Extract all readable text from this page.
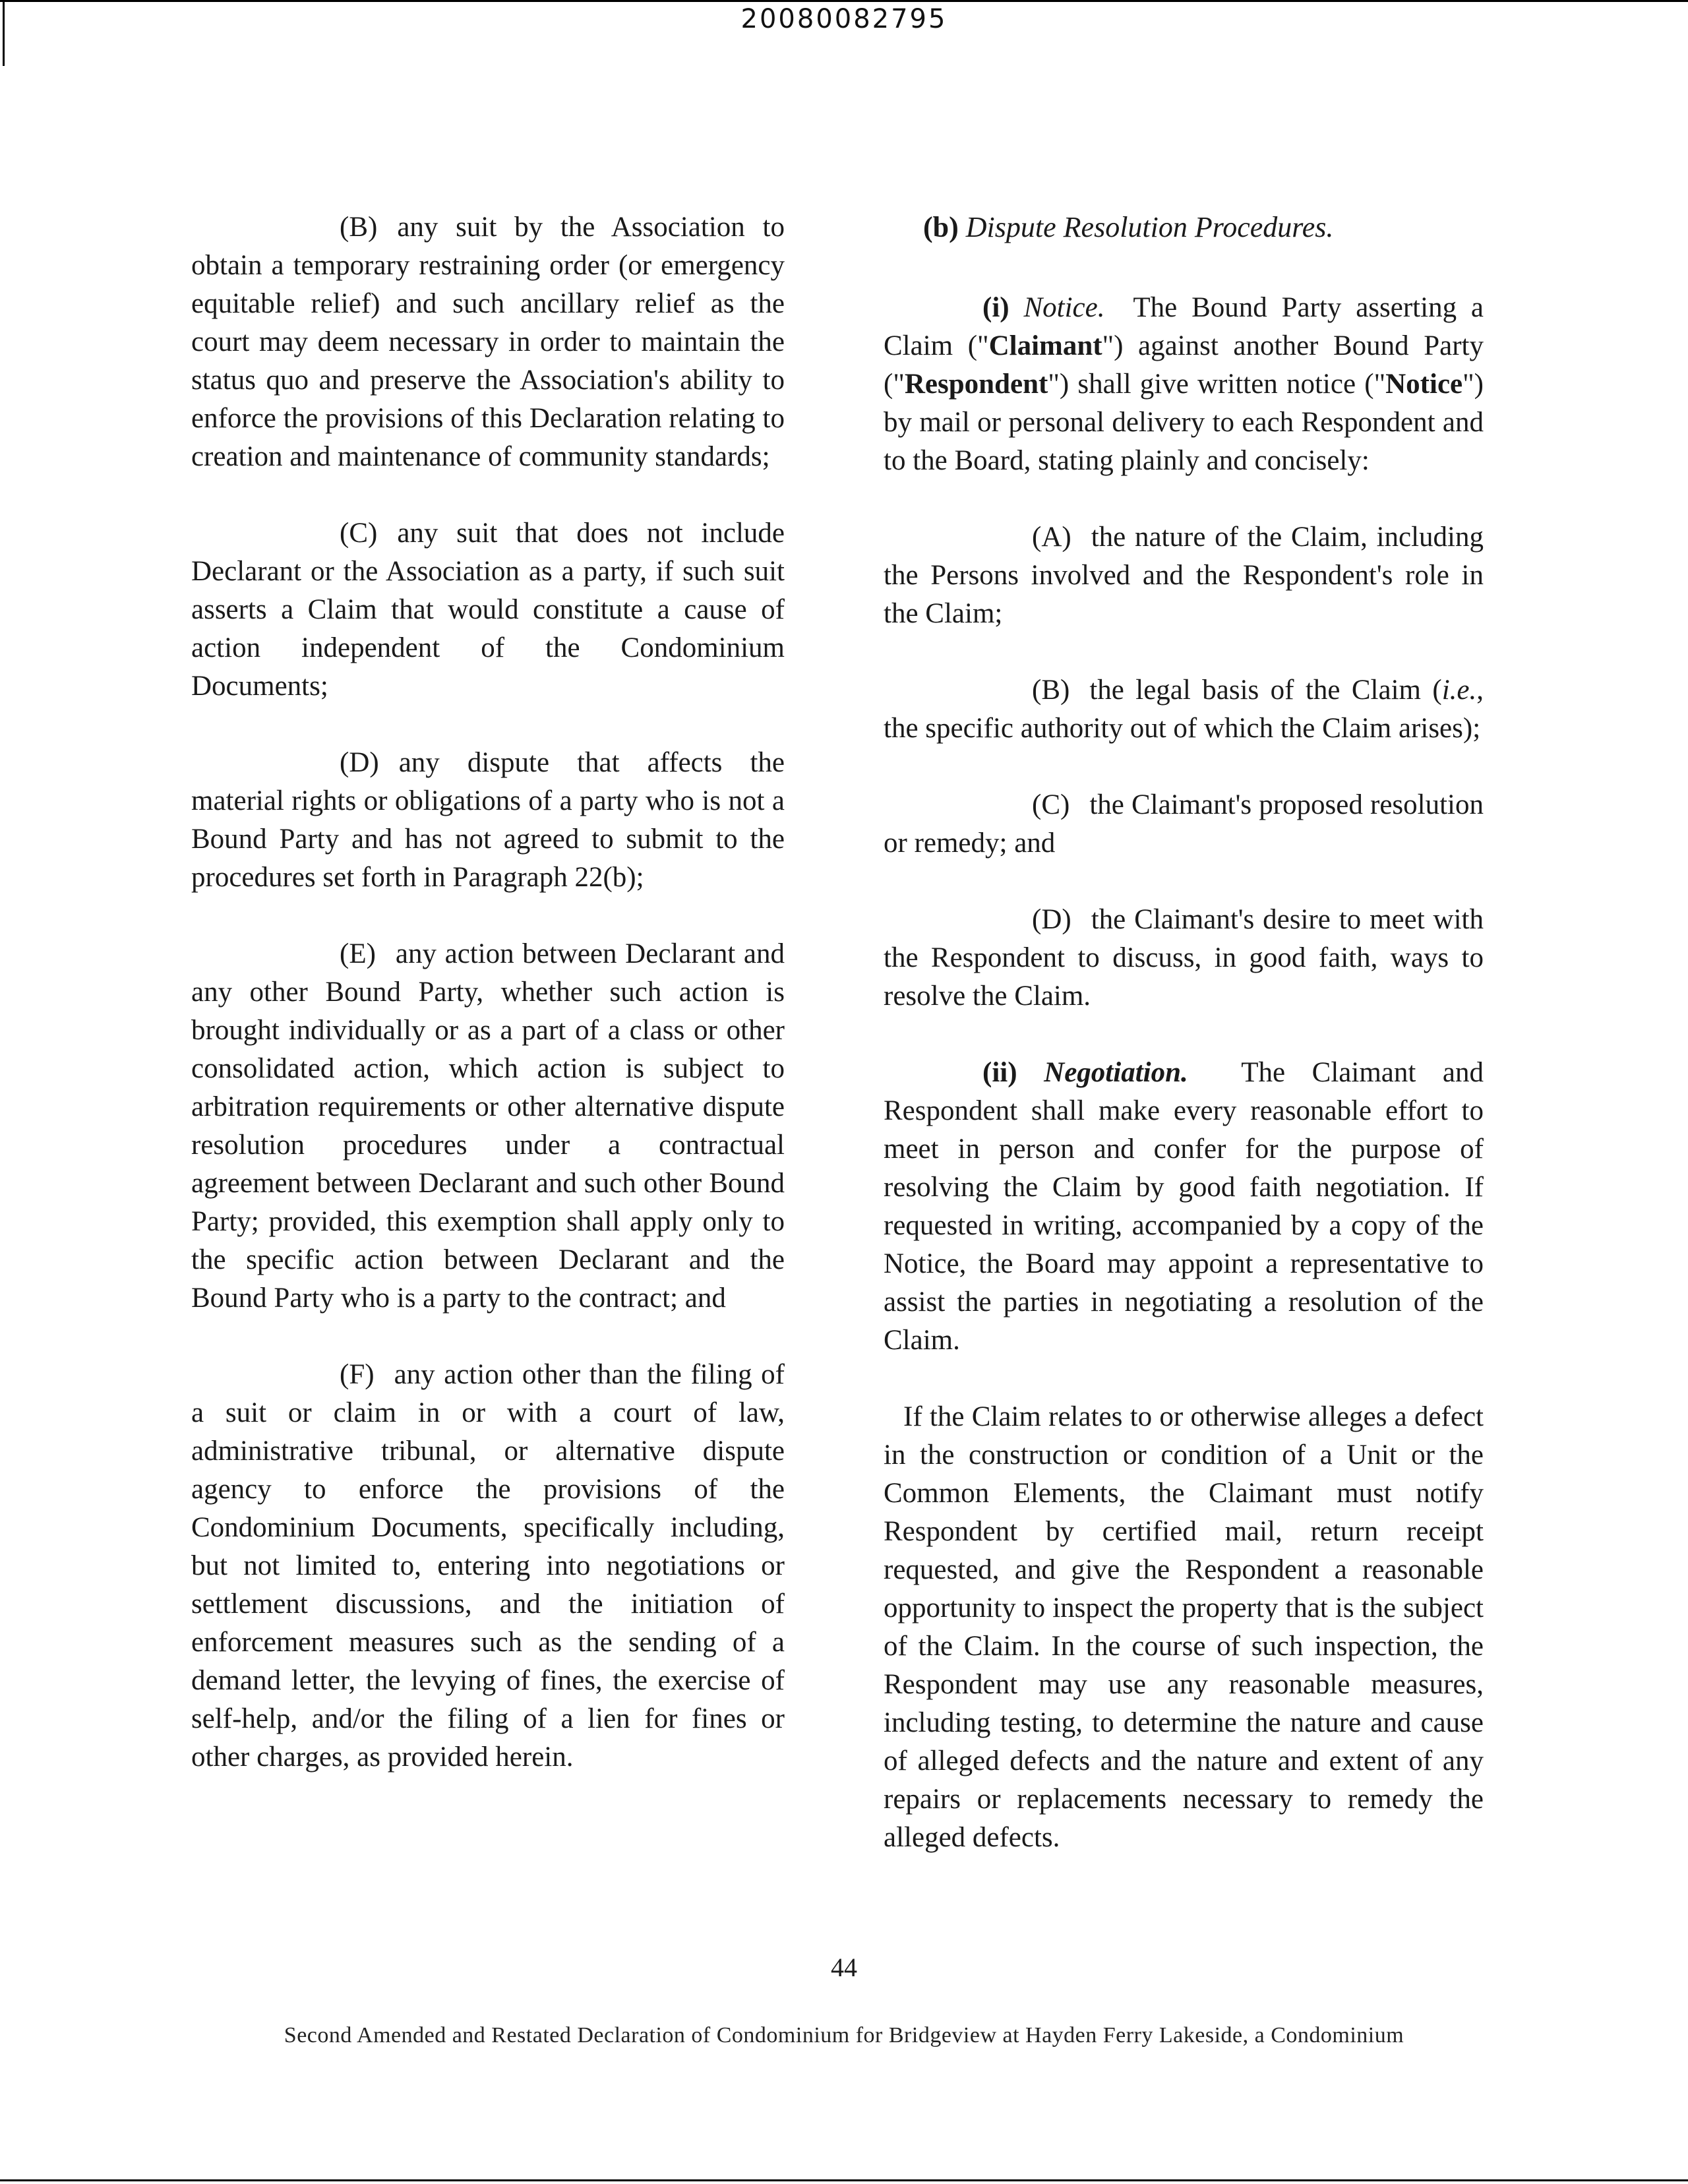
20080082795

(B) any suit by the Association to obtain a temporary restraining order (or emergency equitable relief) and such ancillary relief as the court may deem necessary in order to maintain the status quo and preserve the Association's ability to enforce the provisions of this Declaration relating to creation and maintenance of community standards;

(C) any suit that does not include Declarant or the Association as a party, if such suit asserts a Claim that would constitute a cause of action independent of the Condominium Documents;

(D) any dispute that affects the material rights or obligations of a party who is not a Bound Party and has not agreed to submit to the procedures set forth in Paragraph 22(b);

(E) any action between Declarant and any other Bound Party, whether such action is brought individually or as a part of a class or other consolidated action, which action is subject to arbitration requirements or other alternative dispute resolution procedures under a contractual agreement between Declarant and such other Bound Party; provided, this exemption shall apply only to the specific action between Declarant and the Bound Party who is a party to the contract; and

(F) any action other than the filing of a suit or claim in or with a court of law, administrative tribunal, or alternative dispute agency to enforce the provisions of the Condominium Documents, specifically including, but not limited to, entering into negotiations or settlement discussions, and the initiation of enforcement measures such as the sending of a demand letter, the levying of fines, the exercise of self-help, and/or the filing of a lien for fines or other charges, as provided herein.

(b) Dispute Resolution Procedures.

(i) Notice. The Bound Party asserting a Claim ("Claimant") against another Bound Party ("Respondent") shall give written notice ("Notice") by mail or personal delivery to each Respondent and to the Board, stating plainly and concisely:

(A) the nature of the Claim, including the Persons involved and the Respondent's role in the Claim;

(B) the legal basis of the Claim (i.e., the specific authority out of which the Claim arises);

(C) the Claimant's proposed resolution or remedy; and

(D) the Claimant's desire to meet with the Respondent to discuss, in good faith, ways to resolve the Claim.

(ii) Negotiation. The Claimant and Respondent shall make every reasonable effort to meet in person and confer for the purpose of resolving the Claim by good faith negotiation. If requested in writing, accompanied by a copy of the Notice, the Board may appoint a representative to assist the parties in negotiating a resolution of the Claim.

If the Claim relates to or otherwise alleges a defect in the construction or condition of a Unit or the Common Elements, the Claimant must notify Respondent by certified mail, return receipt requested, and give the Respondent a reasonable opportunity to inspect the property that is the subject of the Claim. In the course of such inspection, the Respondent may use any reasonable measures, including testing, to determine the nature and cause of alleged defects and the nature and extent of any repairs or replacements necessary to remedy the alleged defects.

44
Second Amended and Restated Declaration of Condominium for Bridgeview at Hayden Ferry Lakeside, a Condominium
